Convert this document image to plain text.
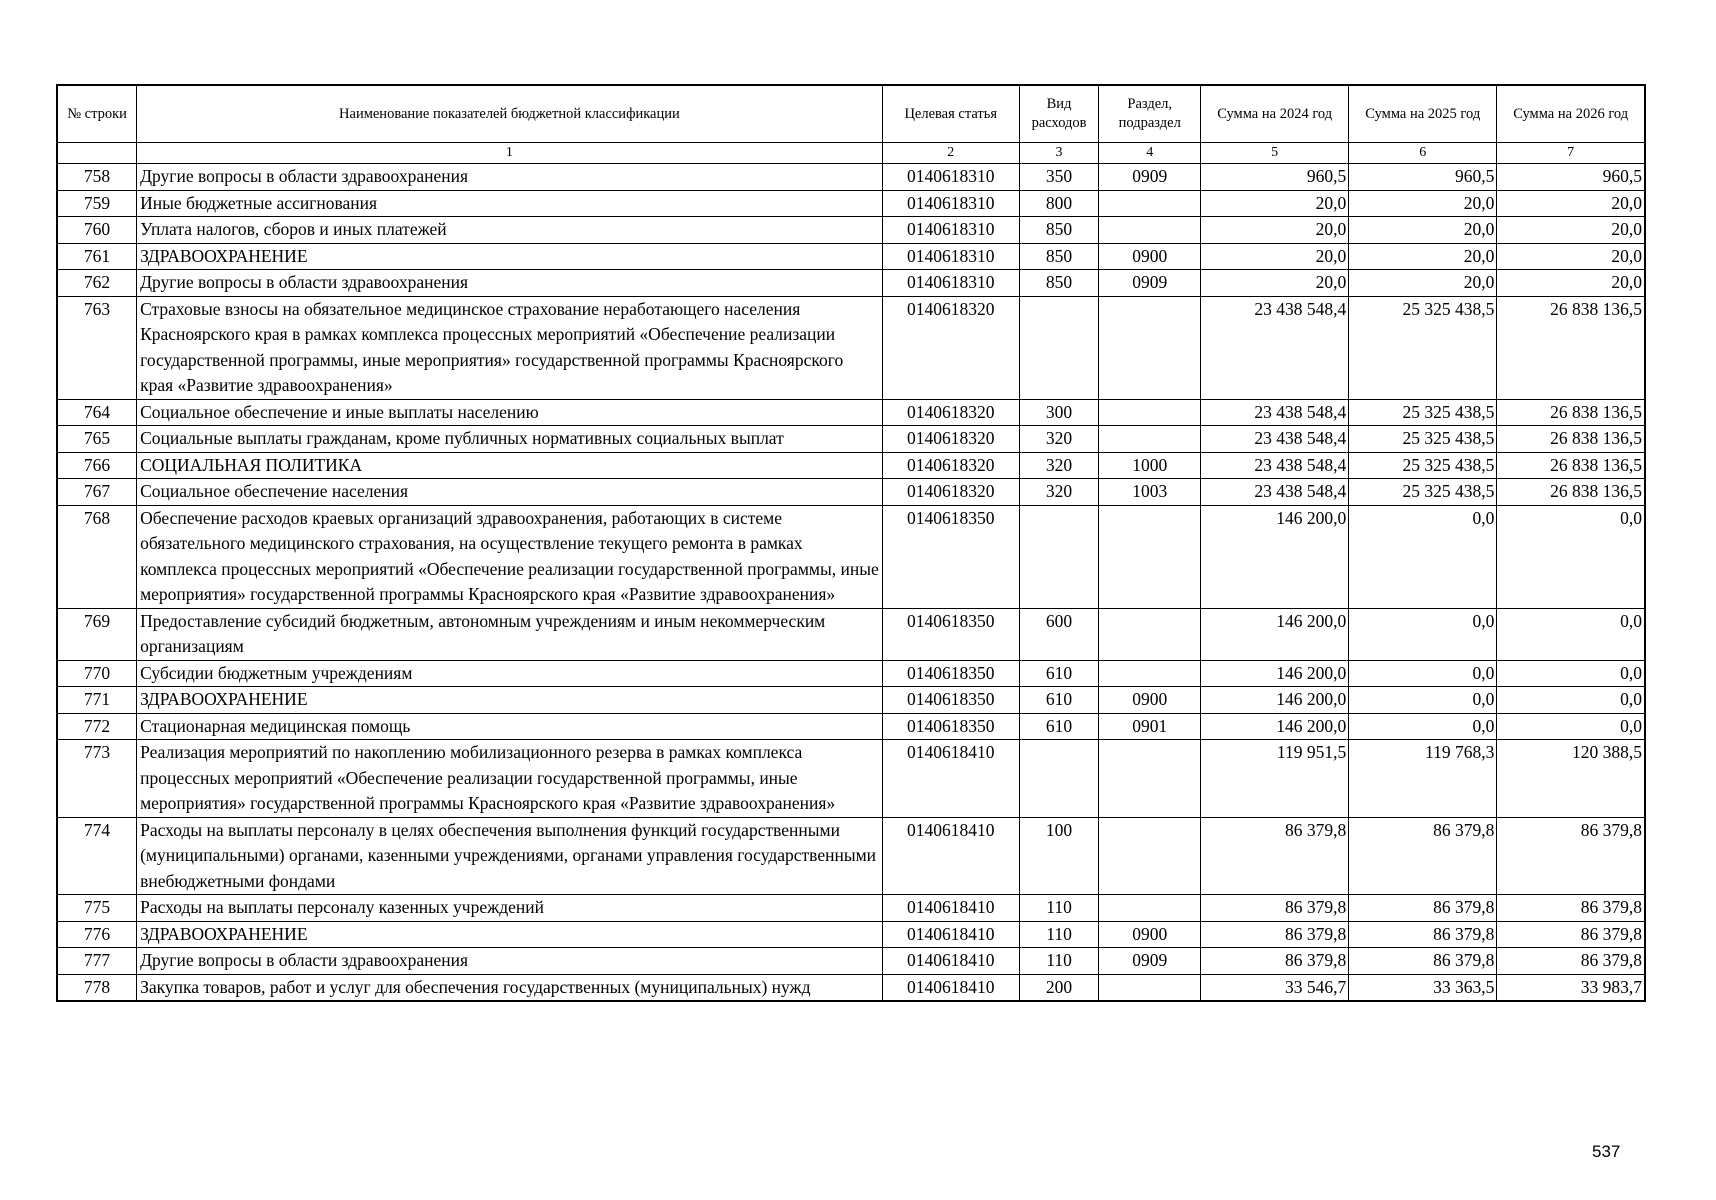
№ строки	Наименование показателей бюджетной классификации	Целевая статья	Вид расходов	Раздел, подраздел	Сумма на 2024 год	Сумма на 2025 год	Сумма на 2026 год
	1	2	3	4	5	6	7
758	Другие вопросы в области здравоохранения	0140618310	350	0909	960,5	960,5	960,5
759	Иные бюджетные ассигнования	0140618310	800		20,0	20,0	20,0
760	Уплата налогов, сборов и иных платежей	0140618310	850		20,0	20,0	20,0
761	ЗДРАВООХРАНЕНИЕ	0140618310	850	0900	20,0	20,0	20,0
762	Другие вопросы в области здравоохранения	0140618310	850	0909	20,0	20,0	20,0
763	Страховые взносы на обязательное медицинское страхование неработающего населения Красноярского края в рамках комплекса процессных мероприятий «Обеспечение реализации государственной программы, иные мероприятия» государственной программы Красноярского края «Развитие здравоохранения»	0140618320			23 438 548,4	25 325 438,5	26 838 136,5
764	Социальное обеспечение и иные выплаты населению	0140618320	300		23 438 548,4	25 325 438,5	26 838 136,5
765	Социальные выплаты гражданам, кроме публичных нормативных социальных выплат	0140618320	320		23 438 548,4	25 325 438,5	26 838 136,5
766	СОЦИАЛЬНАЯ ПОЛИТИКА	0140618320	320	1000	23 438 548,4	25 325 438,5	26 838 136,5
767	Социальное обеспечение населения	0140618320	320	1003	23 438 548,4	25 325 438,5	26 838 136,5
768	Обеспечение расходов краевых организаций здравоохранения, работающих в системе обязательного медицинского страхования, на осуществление текущего ремонта в рамках комплекса процессных мероприятий «Обеспечение реализации государственной программы, иные мероприятия» государственной программы Красноярского края «Развитие здравоохранения»	0140618350			146 200,0	0,0	0,0
769	Предоставление субсидий бюджетным, автономным учреждениям и иным некоммерческим организациям	0140618350	600		146 200,0	0,0	0,0
770	Субсидии бюджетным учреждениям	0140618350	610		146 200,0	0,0	0,0
771	ЗДРАВООХРАНЕНИЕ	0140618350	610	0900	146 200,0	0,0	0,0
772	Стационарная медицинская помощь	0140618350	610	0901	146 200,0	0,0	0,0
773	Реализация мероприятий по накоплению мобилизационного резерва в рамках комплекса процессных мероприятий «Обеспечение реализации государственной программы, иные мероприятия» государственной программы Красноярского края «Развитие здравоохранения»	0140618410			119 951,5	119 768,3	120 388,5
774	Расходы на выплаты персоналу в целях обеспечения выполнения функций государственными (муниципальными) органами, казенными учреждениями, органами управления государственными внебюджетными фондами	0140618410	100		86 379,8	86 379,8	86 379,8
775	Расходы на выплаты персоналу казенных учреждений	0140618410	110		86 379,8	86 379,8	86 379,8
776	ЗДРАВООХРАНЕНИЕ	0140618410	110	0900	86 379,8	86 379,8	86 379,8
777	Другие вопросы в области здравоохранения	0140618410	110	0909	86 379,8	86 379,8	86 379,8
778	Закупка товаров, работ и услуг для обеспечения государственных (муниципальных) нужд	0140618410	200		33 546,7	33 363,5	33 983,7
537
